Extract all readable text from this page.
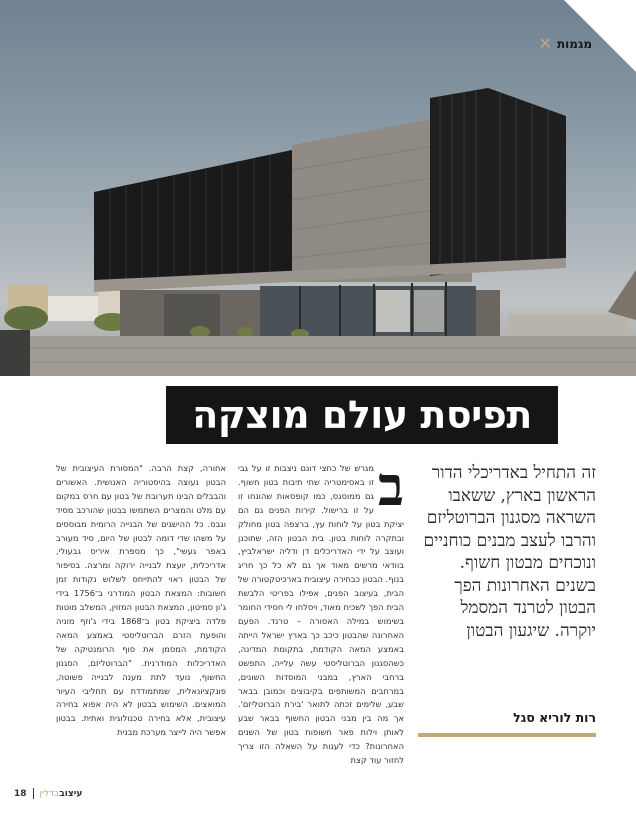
✕ מגמות
תפיסת עולם מוצקה

זה התחיל באדריכלי הדור הראשון בארץ, ששאבו השראה מסגנון הברוטליזם והרבו לעצב מבנים כוחניים ונוכחים מבטון חשוף. בשנים האחרונות הפך הבטון לטרנד המסמל יוקרה. שיגעון הבטון

רות לוריא סגל
ב

מגרש של כחצי דונם ניצבות זו על גבי זו באסימטריה שתי תיבות בטון חשוף. גם ממוסגס, כמו קופסאות שהונחו זו על זו ברישול. קירות הפנים גם הם יציקת בטון על לוחות עץ, ברצפה בטון מחולק ובתקרה לוחות בטון. בית הבטון הזה, שתוכנן ועוצב על ידי האדריכלים דן ודליה ישראלביץ, בוודאי מרשים מאוד אך גם לא כל כך חריג בנוף. הבטון כבחירה עיצובית בארכיטקטורה של הבית, בעיצוב הפנים, אפילו בפריטי הלבשת הבית הפך לשכיח מאוד, ויסלחו לי חסידי החומר בשימוש במילה האסורה – טרנד. הפעם האחרונה שהבטון כיכב כך בארץ ישראל הייתה באמצע המאה הקודמת, בתקומת המדינה, כשהסגנון הברוטליסטי עשה עלייה, התפשט ברחבי הארץ, במבני המוסדות השונים, במרחבים המשותפים בקיבוצים וכמובן בבאר שבע, שלימים זכתה לתואר 'בירת הברוטליזם'. אך מה בין מבני הבטון החשוף בבאר שבע לאותן וילות פאר חשופות בטון של השנים האחרונות? כדי לענות על השאלה הזו צריך לחזור עוד קצת

אחורה, קצת הרבה. "המסורת העיצובית של הבטון נעוצה בהיסטוריה האנושית. האשורים והבבלים הבינו תערובת של בטון עם חרס במקום עם מלט והמצרים השתמשו בבטון שהורכב מסיד וגבס. כל ההישגים של הבנייה הרומית מבוססים על משהו שדי דומה לבטון של היום, סיד מעורב באפר געשי", כך מספרת איריס גבעולי, אדריכלית, יועצת לבנייה ירוקה ומרצה. בסיפור של הבטון ראוי להתייחס לשלוש נקודות זמן חשובות: המצאת הבטון המודרני ב־1756 בידי ג'ון סמיטון, המצאת הבטון המזוין, המשלב מוטות פלדה ביציקת בטון ב־1868 בידי ג'וזף מוניה והופעת הזרם הברוטליסטי באמצע המאה הקודמת, המסמן את סוף הרומנטיקה של האדריכלות המודרנית. "הברוטליזם, הסגנון החשוף, נועד לתת מענה לבנייה פשוטה, פונקציונאלית, שמתמודדת עם תחליבי העיור המואצים. השימוש בבטון לא היה אפוא בחירה עיצובית, אלא בחירה טכנולוגית ואתית. בבטון אפשר היה לייצר מערכת מבנית

18	עיצובבדלין
